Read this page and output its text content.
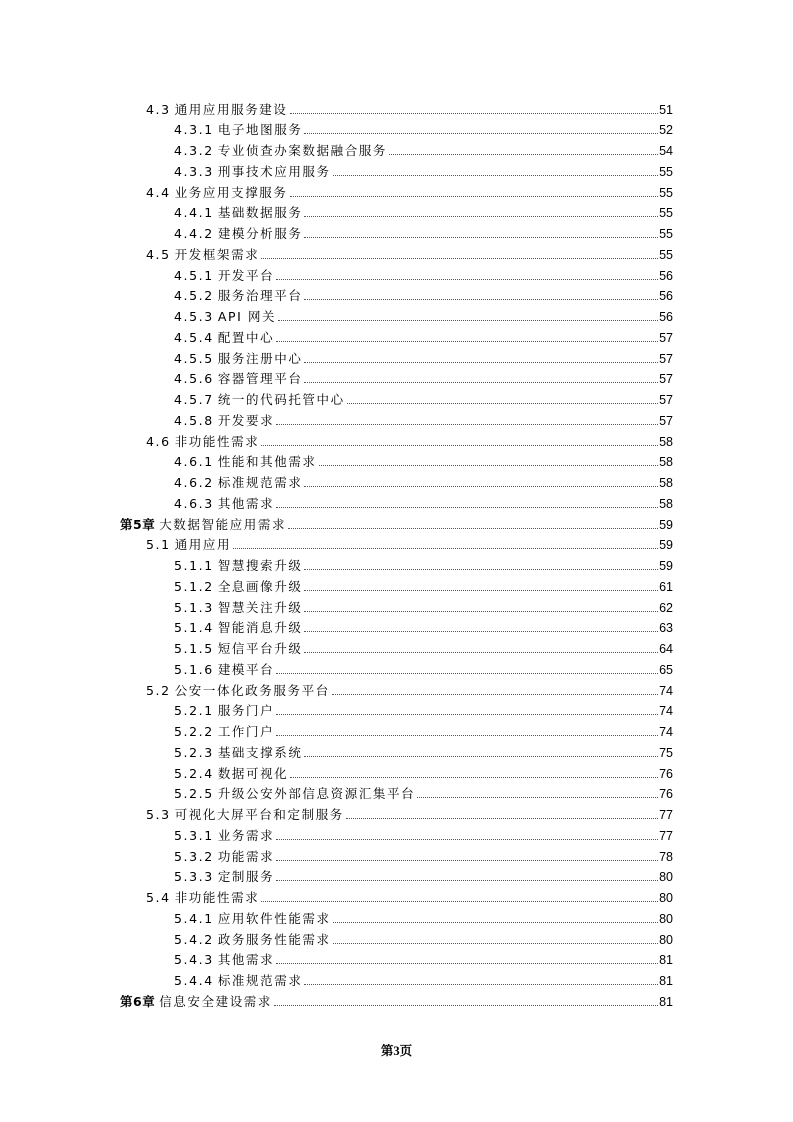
4.3 通用应用服务建设	51
4.3.1 电子地图服务	52
4.3.2 专业侦查办案数据融合服务	54
4.3.3 刑事技术应用服务	55
4.4 业务应用支撑服务	55
4.4.1 基础数据服务	55
4.4.2 建模分析服务	55
4.5 开发框架需求	55
4.5.1 开发平台	56
4.5.2 服务治理平台	56
4.5.3 API 网关	56
4.5.4 配置中心	57
4.5.5 服务注册中心	57
4.5.6 容器管理平台	57
4.5.7 统一的代码托管中心	57
4.5.8 开发要求	57
4.6 非功能性需求	58
4.6.1 性能和其他需求	58
4.6.2 标准规范需求	58
4.6.3 其他需求	58
第5章 大数据智能应用需求	59
5.1 通用应用	59
5.1.1 智慧搜索升级	59
5.1.2 全息画像升级	61
5.1.3 智慧关注升级	62
5.1.4 智能消息升级	63
5.1.5 短信平台升级	64
5.1.6 建模平台	65
5.2 公安一体化政务服务平台	74
5.2.1 服务门户	74
5.2.2 工作门户	74
5.2.3 基础支撑系统	75
5.2.4 数据可视化	76
5.2.5 升级公安外部信息资源汇集平台	76
5.3 可视化大屏平台和定制服务	77
5.3.1 业务需求	77
5.3.2 功能需求	78
5.3.3 定制服务	80
5.4 非功能性需求	80
5.4.1 应用软件性能需求	80
5.4.2 政务服务性能需求	80
5.4.3 其他需求	81
5.4.4 标准规范需求	81
第6章 信息安全建设需求	81
第3页
